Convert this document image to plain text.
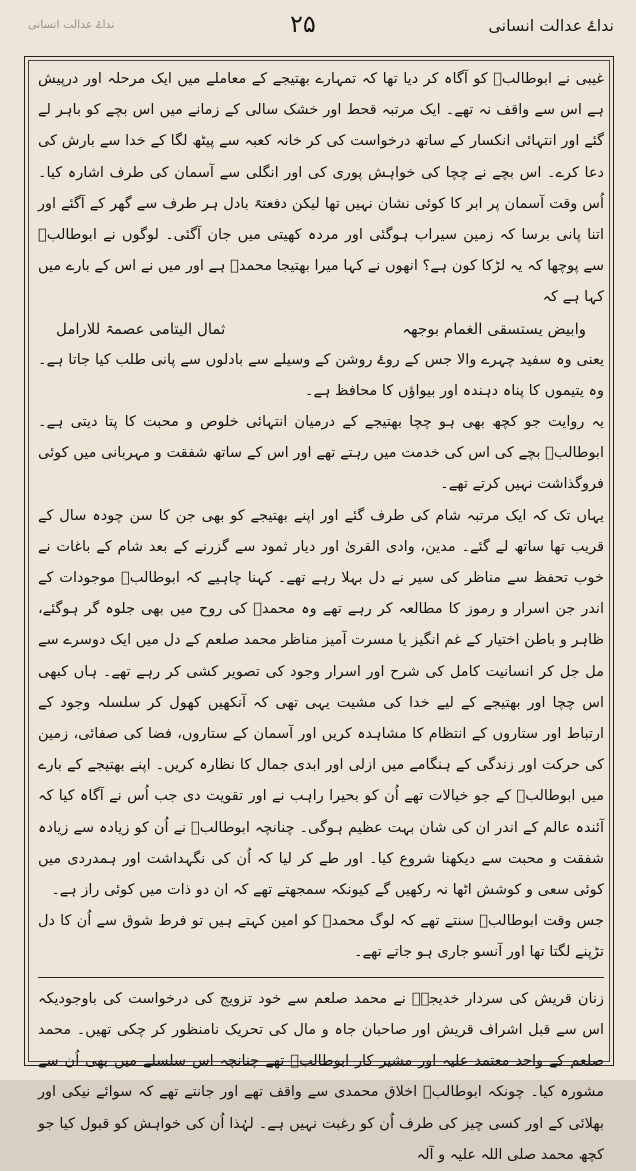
نداۓ عدالت انسانی	۲۵	نداۓ عدالت انسانی

غیبی نے ابوطالبؑ کو آگاہ کر دیا تھا کہ تمہارے بھتیجے کے معاملے میں ایک مرحلہ اور درپیش ہے اس سے واقف نہ تھے۔ ایک مرتبہ قحط اور خشک سالی کے زمانے میں اس بچے کو باہر لے گئے اور انتہائی انکسار کے ساتھ درخواست کی کر خانہ کعبہ سے پیٹھ لگا کے خدا سے بارش کی دعا کرے۔ اس بچے نے چچا کی خواہش پوری کی اور انگلی سے آسمان کی طرف اشارہ کیا۔ اُس وقت آسمان پر ابر کا کوئی نشان نہیں تھا لیکن دفعتہً بادل ہر طرف سے گھر کے آگئے اور اتنا پانی برسا کہ زمین سیراب ہوگئی اور مردہ کھیتی میں جان آگئی۔ لوگوں نے ابوطالبؑ سے پوچھا کہ یہ لڑکا کون ہے؟ انھوں نے کہا میرا بھتیجا محمدؐ ہے اور میں نے اس کے بارے میں کہا ہے کہ

وابیض یستسقی الغمام بوجھہ
ثمال الیتامی عصمۃ للارامل

یعنی وہ سفید چہرے والا جس کے روۓ روشن کے وسیلے سے بادلوں سے پانی طلب کیا جاتا ہے۔ وہ یتیموں کا پناہ دہندہ اور بیواؤں کا محافظ ہے۔

یہ روایت جو کچھ بھی ہو چچا بھتیجے کے درمیان انتہائی خلوص و محبت کا پتا دیتی ہے۔ ابوطالبؑ بچے کی اس کی خدمت میں رہتے تھے اور اس کے ساتھ شفقت و مہربانی میں کوئی فروگذاشت نہیں کرتے تھے۔

یہاں تک کہ ایک مرتبہ شام کی طرف گئے اور اپنے بھتیجے کو بھی جن کا سن چودہ سال کے قریب تھا ساتھ لے گئے۔ مدین، وادی القریٰ اور دیار ثمود سے گزرنے کے بعد شام کے باغات نے خوب تحفظ سے مناظر کی سیر نے دل بہلا رہے تھے۔ کہنا چاہیے کہ ابوطالبؑ موجودات کے اندر جن اسرار و رموز کا مطالعہ کر رہے تھے وہ محمدؐ کی روح میں بھی جلوہ گر ہوگئے، ظاہر و باطن اختیار کے غم انگیز یا مسرت آمیز مناظر محمد صلعم کے دل میں ایک دوسرے سے مل جل کر انسانیت کامل کی شرح اور اسرار وجود کی تصویر کشی کر رہے تھے۔ ہاں کبھی اس چچا اور بھتیجے کے لیے خدا کی مشیت یہی تھی کہ آنکھیں کھول کر سلسلہ وجود کے ارتباط اور ستاروں کے انتظام کا مشاہدہ کریں اور آسمان کے ستاروں، فضا کی صفائی، زمین کی حرکت اور زندگی کے ہنگامے میں ازلی اور ابدی جمال کا نظارہ کریں۔ اپنے بھتیجے کے بارے میں ابوطالبؑ کے جو خیالات تھے اُن کو بحیرا راہب نے اور تقویت دی جب اُس نے آگاہ کیا کہ آئندہ عالم کے اندر ان کی شان بہت عظیم ہوگی۔ چنانچہ ابوطالبؑ نے اُن کو زیادہ سے زیادہ شفقت و محبت سے دیکھنا شروع کیا۔ اور طے کر لیا کہ اُن کی نگہداشت اور ہمدردی میں کوئی سعی و کوشش اٹھا نہ رکھیں گے کیونکہ سمجھتے تھے کہ ان دو ذات میں کوئی راز ہے۔

جس وقت ابوطالبؑ سنتے تھے کہ لوگ محمدؐ کو امین کہتے ہیں تو فرط شوق سے اُن کا دل تڑپنے لگتا تھا اور آنسو جاری ہو جاتے تھے۔

زنان قریش کی سردار خدیجہؓ نے محمد صلعم سے خود تزویج کی درخواست کی باوجودیکہ اس سے قبل اشراف قریش اور صاحبان جاہ و مال کی تحریک نامنظور کر چکی تھیں۔ محمد صلعم کے واحد معتمد علیہ اور مشیر کار ابوطالبؑ تھے چنانچہ اس سلسلے میں بھی اُن سے مشورہ کیا۔ چونکہ ابوطالبؑ اخلاق محمدی سے واقف تھے اور جانتے تھے کہ سوائے نیکی اور بھلائی کے اور کسی چیز کی طرف اُن کو رغبت نہیں ہے۔ لہٰذا اُن کی خواہش کو قبول کیا جو کچھ محمد صلی اللہ علیہ و آلہ
